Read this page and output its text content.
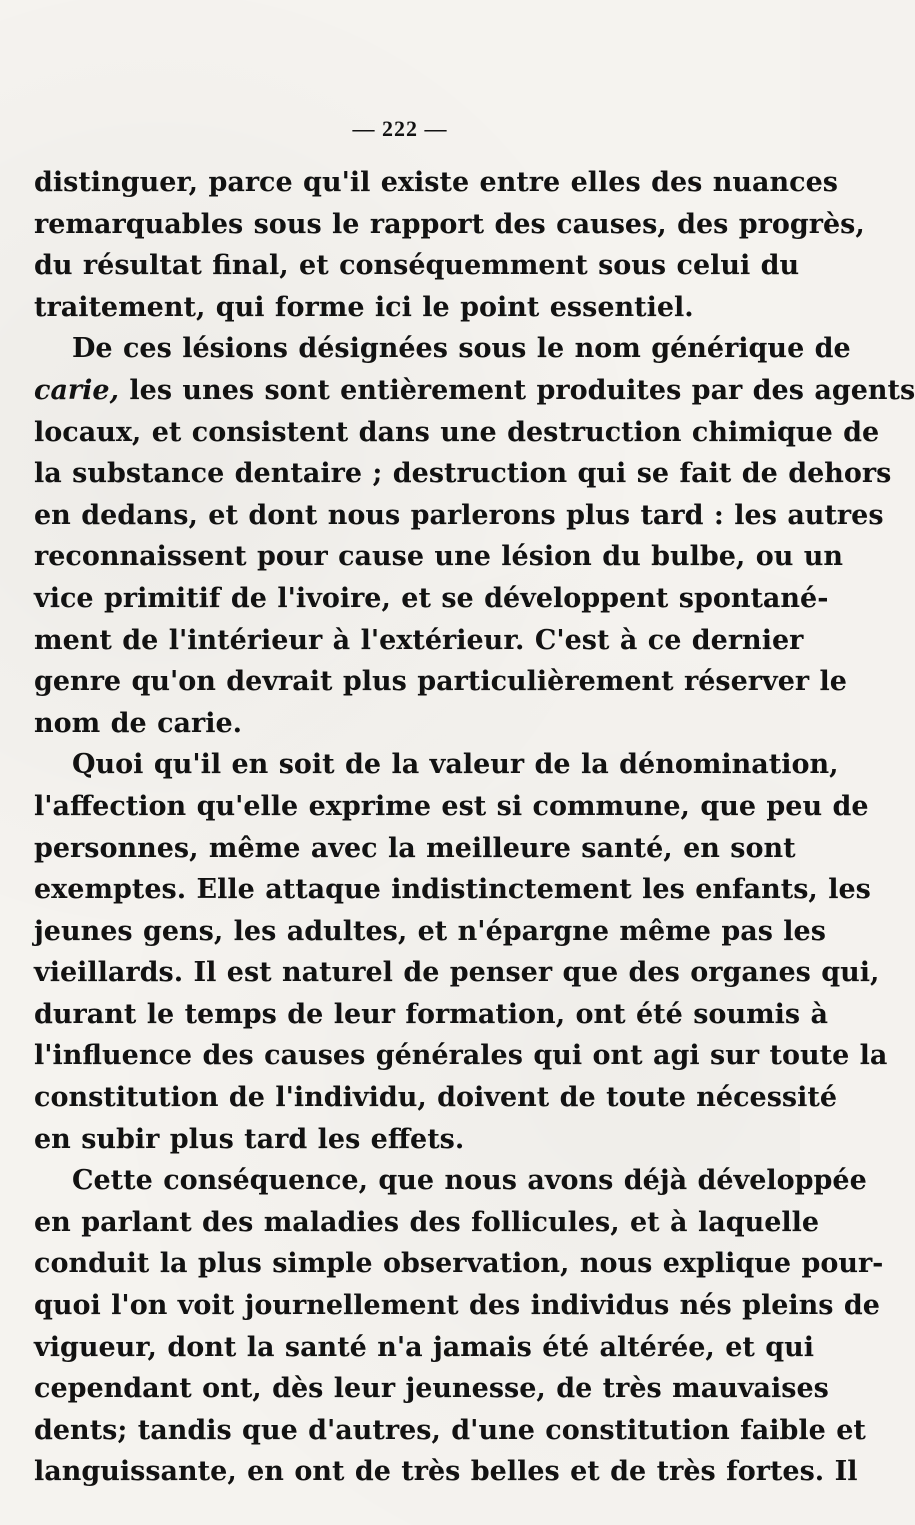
— 222 —
distinguer, parce qu'il existe entre elles des nuances
remarquables sous le rapport des causes, des progrès,
du résultat final, et conséquemment sous celui du
traitement, qui forme ici le point essentiel.
De ces lésions désignées sous le nom générique de
carie, les unes sont entièrement produites par des agents
locaux, et consistent dans une destruction chimique de
la substance dentaire ; destruction qui se fait de dehors
en dedans, et dont nous parlerons plus tard : les autres
reconnaissent pour cause une lésion du bulbe, ou un
vice primitif de l'ivoire, et se développent spontané-
ment de l'intérieur à l'extérieur. C'est à ce dernier
genre qu'on devrait plus particulièrement réserver le
nom de carie.
Quoi qu'il en soit de la valeur de la dénomination,
l'affection qu'elle exprime est si commune, que peu de
personnes, même avec la meilleure santé, en sont
exemptes. Elle attaque indistinctement les enfants, les
jeunes gens, les adultes, et n'épargne même pas les
vieillards. Il est naturel de penser que des organes qui,
durant le temps de leur formation, ont été soumis à
l'influence des causes générales qui ont agi sur toute la
constitution de l'individu, doivent de toute nécessité
en subir plus tard les effets.
Cette conséquence, que nous avons déjà développée
en parlant des maladies des follicules, et à laquelle
conduit la plus simple observation, nous explique pour-
quoi l'on voit journellement des individus nés pleins de
vigueur, dont la santé n'a jamais été altérée, et qui
cependant ont, dès leur jeunesse, de très mauvaises
dents; tandis que d'autres, d'une constitution faible et
languissante, en ont de très belles et de très fortes. Il
